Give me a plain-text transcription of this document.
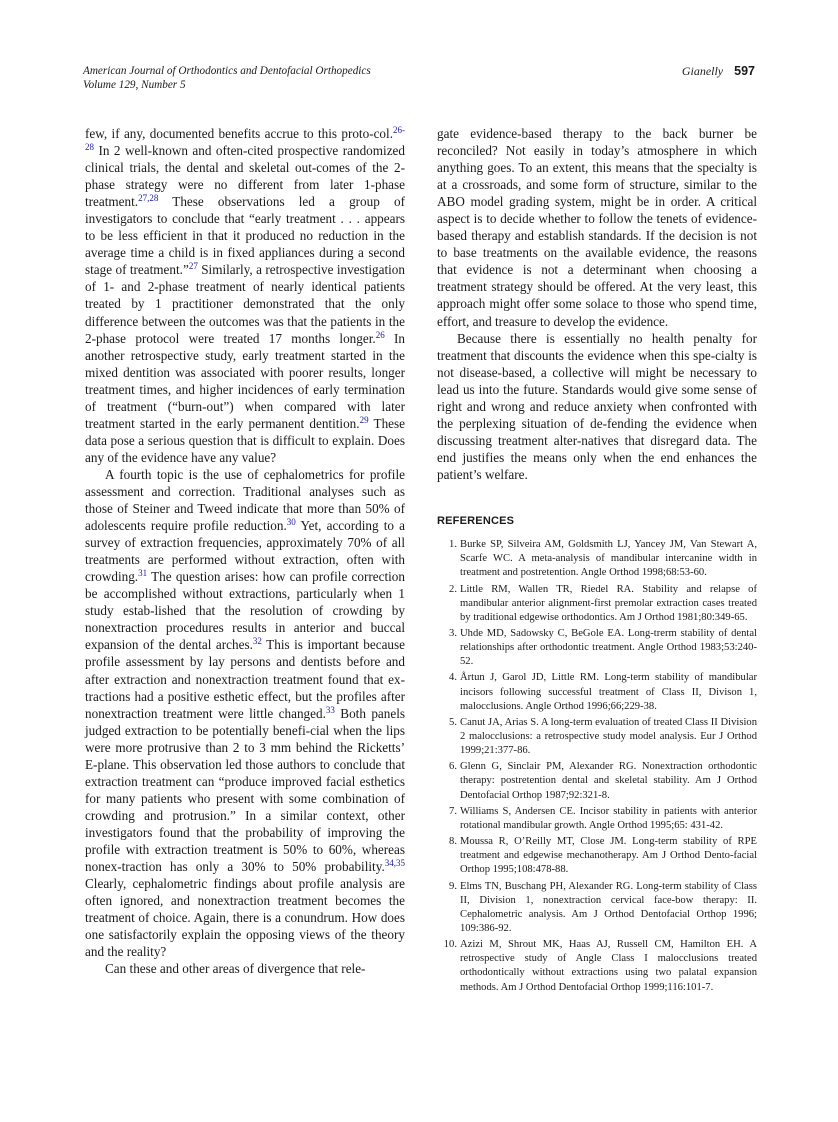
American Journal of Orthodontics and Dentofacial Orthopedics
Volume 129, Number 5
Gianelly 597

few, if any, documented benefits accrue to this proto-col.$^{26-28}$ In 2 well-known and often-cited prospective randomized clinical trials, the dental and skeletal out-comes of the 2-phase strategy were no different from later 1-phase treatment.$^{27,28}$ These observations led a group of investigators to conclude that “early treatment . . . appears to be less efficient in that it produced no reduction in the average time a child is in fixed appliances during a second stage of treatment.”$^{27}$ Similarly, a retrospective investigation of 1- and 2-phase treatment of nearly identical patients treated by 1 practitioner demonstrated that the only difference between the outcomes was that the patients in the 2-phase protocol were treated 17 months longer.$^{26}$ In another retrospective study, early treatment started in the mixed dentition was associated with poorer results, longer treatment times, and higher incidences of early termination of treatment (“burn-out”) when compared with later treatment started in the early permanent dentition.$^{29}$ These data pose a serious question that is difficult to explain. Does any of the evidence have any value?

A fourth topic is the use of cephalometrics for profile assessment and correction. Traditional analyses such as those of Steiner and Tweed indicate that more than 50% of adolescents require profile reduction.$^{30}$ Yet, according to a survey of extraction frequencies, approximately 70% of all treatments are performed without extraction, often with crowding.$^{31}$ The question arises: how can profile correction be accomplished without extractions, particularly when 1 study estab-lished that the resolution of crowding by nonextraction procedures results in anterior and buccal expansion of the dental arches.$^{32}$ This is important because profile assessment by lay persons and dentists before and after extraction and nonextraction treatment found that ex-tractions had a positive esthetic effect, but the profiles after nonextraction treatment were little changed.$^{33}$ Both panels judged extraction to be potentially benefi-cial when the lips were more protrusive than 2 to 3 mm behind the Ricketts’ E-plane. This observation led those authors to conclude that extraction treatment can “produce improved facial esthetics for many patients who present with some combination of crowding and protrusion.” In a similar context, other investigators found that the probability of improving the profile with extraction treatment is 50% to 60%, whereas nonex-traction has only a 30% to 50% probability.$^{34,35}$ Clearly, cephalometric findings about profile analysis are often ignored, and nonextraction treatment becomes the treatment of choice. Again, there is a conundrum. How does one satisfactorily explain the opposing views of the theory and the reality?

Can these and other areas of divergence that rele-

gate evidence-based therapy to the back burner be reconciled? Not easily in today’s atmosphere in which anything goes. To an extent, this means that the specialty is at a crossroads, and some form of structure, similar to the ABO model grading system, might be in order. A critical aspect is to decide whether to follow the tenets of evidence-based therapy and establish standards. If the decision is not to base treatments on the available evidence, the reasons that evidence is not a determinant when choosing a treatment strategy should be offered. At the very least, this approach might offer some solace to those who spend time, effort, and treasure to develop the evidence.

Because there is essentially no health penalty for treatment that discounts the evidence when this spe-cialty is not disease-based, a collective will might be necessary to lead us into the future. Standards would give some sense of right and wrong and reduce anxiety when confronted with the perplexing situation of de-fending the evidence when discussing treatment alter-natives that disregard data. The end justifies the means only when the end enhances the patient’s welfare.

REFERENCES
1. Burke SP, Silveira AM, Goldsmith LJ, Yancey JM, Van Stewart A, Scarfe WC. A meta-analysis of mandibular intercanine width in treatment and postretention. Angle Orthod 1998;68:53-60.
2. Little RM, Wallen TR, Riedel RA. Stability and relapse of mandibular anterior alignment-first premolar extraction cases treated by traditional edgewise orthodontics. Am J Orthod 1981;80:349-65.
3. Uhde MD, Sadowsky C, BeGole EA. Long-trerm stability of dental relationships after orthodontic treatment. Angle Orthod 1983;53:240-52.
4. Årtun J, Garol JD, Little RM. Long-term stability of mandibular incisors following successful treatment of Class II, Divison 1, malocclusions. Angle Orthod 1996;66;229-38.
5. Canut JA, Arias S. A long-term evaluation of treated Class II Division 2 malocclusions: a retrospective study model analysis. Eur J Orthod 1999;21:377-86.
6. Glenn G, Sinclair PM, Alexander RG. Nonextraction orthodontic therapy: postretention dental and skeletal stability. Am J Orthod Dentofacial Orthop 1987;92:321-8.
7. Williams S, Andersen CE. Incisor stability in patients with anterior rotational mandibular growth. Angle Orthod 1995;65: 431-42.
8. Moussa R, O’Reilly MT, Close JM. Long-term stability of RPE treatment and edgewise mechanotherapy. Am J Orthod Dento-facial Orthop 1995;108:478-88.
9. Elms TN, Buschang PH, Alexander RG. Long-term stability of Class II, Division 1, nonextraction cervical face-bow therapy: II. Cephalometric analysis. Am J Orthod Dentofacial Orthop 1996; 109:386-92.
10. Azizi M, Shrout MK, Haas AJ, Russell CM, Hamilton EH. A retrospective study of Angle Class I malocclusions treated orthodontically without extractions using two palatal expansion methods. Am J Orthod Dentofacial Orthop 1999;116:101-7.
